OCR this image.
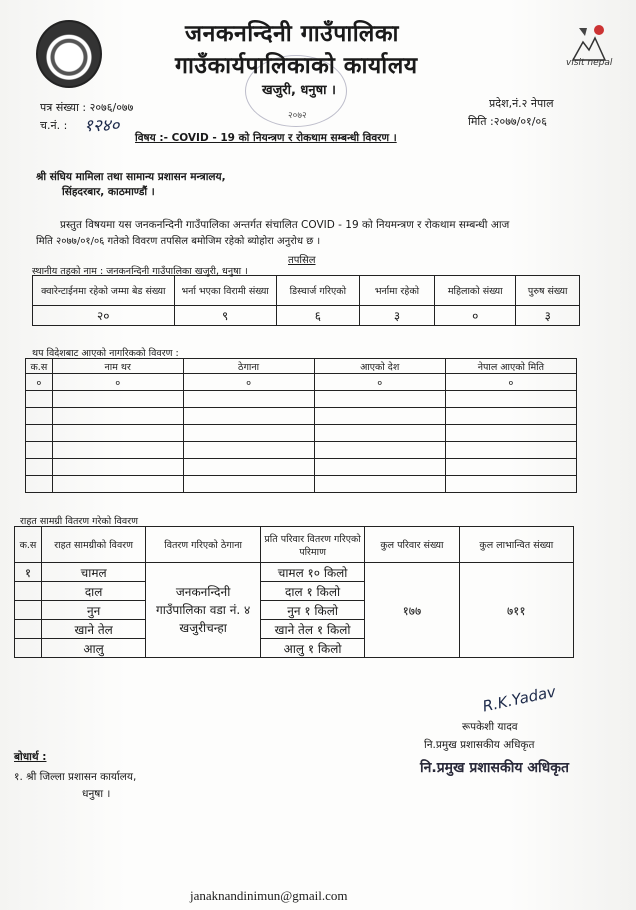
जनकनन्दिनी गाउँपालिका
गाउँकार्यपालिकाको कार्यालय
खजुरी, धनुषा ।
२०७२
visit nepal
पत्र संख्या : २०७६/०७७
च.नं. : १२४०
प्रदेश,नं.२ नेपाल
मिति :२०७७/०१/०६
विषय :- COVID - 19 को नियन्त्रण र रोकथाम सम्बन्धी विवरण ।
श्री संघिय मामिला तथा सामान्य प्रशासन मन्त्रालय,
सिंहदरबार, काठमाण्डौं ।
प्रस्तुत विषयमा यस जनकनन्दिनी गाउँपालिका अन्तर्गत संचालित COVID - 19 को नियमन्त्रण र रोकथाम सम्बन्धी आज
मिति २०७७/०१/०६ गतेको विवरण तपसिल बमोजिम रहेको ब्योहोरा अनुरोध छ ।
तपसिल
स्थानीय तहको नाम : जनकनन्दिनी गाउँपालिका खजुरी, धनुषा ।
क्वारेन्टाईनमा रहेको जम्मा बेड संख्या	भर्ना भएका विरामी संख्या	डिस्चार्ज गरिएको	भर्नामा रहेको	महिलाको संख्या	पुरुष संख्या
२०	९	६	३	०	३
थप विदेशबाट आएको नागरिकको विवरण :
क.स	नाम थर	ठेगाना	आएको देश	नेपाल आएको मिति
०	०	०	०	०

राहत सामग्री वितरण गरेको विवरण
क.स	राहत सामग्रीको विवरण	वितरण गरिएको ठेगाना	प्रति परिवार वितरण गरिएको परिमाण	कुल परिवार संख्या	कुल लाभान्वित संख्या
१	चामल	जनकनन्दिनी गाउँपालिका वडा नं. ४ खजुरीचन्हा	चामल १० किलो	१७७	७११
	दाल		दाल १ किलो		
	नुन		नुन १ किलो		
	खाने तेल		खाने तेल १ किलो		
	आलु		आलु १ किलो		
R.K.Yadav
रूपकेशी यादव
नि.प्रमुख प्रशासकीय अधिकृत
नि.प्रमुख प्रशासकीय अधिकृत
बोधार्थ :
१. श्री जिल्ला प्रशासन कार्यालय,
धनुषा ।
janaknandinimun@gmail.com
